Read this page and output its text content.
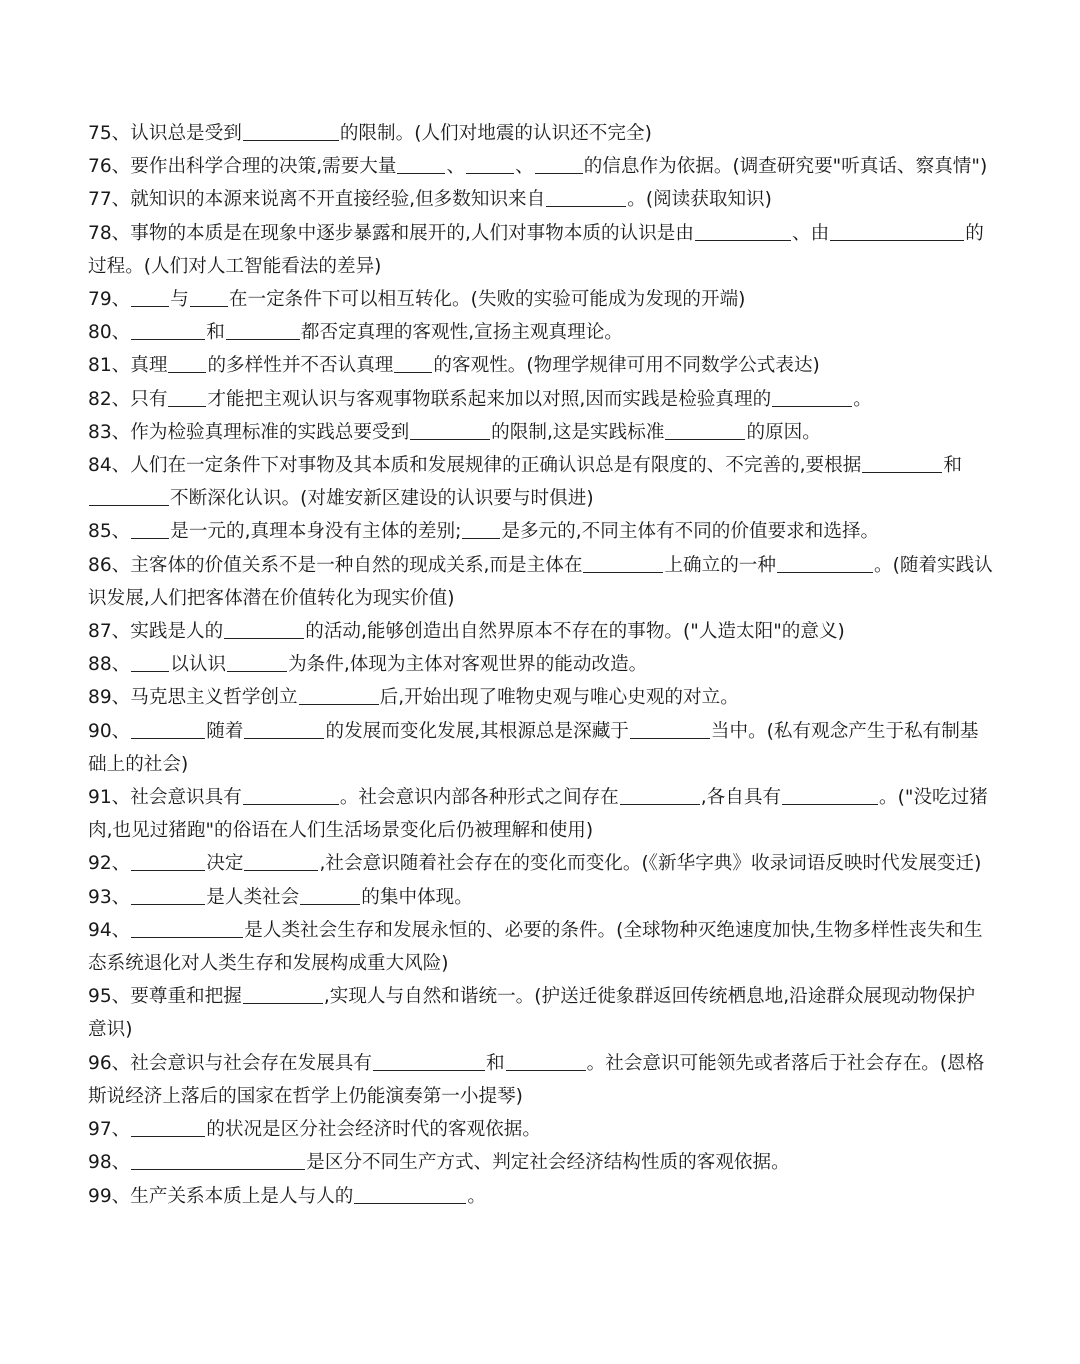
75、认识总是受到	的限制。(人们对地震的认识还不完全)

76、要作出科学合理的决策,需要大量	、	、	的信息作为依据。(调查研究要"听真话、察真情")

77、就知识的本源来说离不开直接经验,但多数知识来自	。(阅读获取知识)

78、事物的本质是在现象中逐步暴露和展开的,人们对事物本质的认识是由	、由	的过程。(人们对人工智能看法的差异)

79、 与 在一定条件下可以相互转化。(失败的实验可能成为发现的开端)

80、	和	都否定真理的客观性,宣扬主观真理论。

81、真理 的多样性并不否认真理 的客观性。(物理学规律可用不同数学公式表达)

82、只有 才能把主观认识与客观事物联系起来加以对照,因而实践是检验真理的	。

83、作为检验真理标准的实践总要受到	的限制,这是实践标准	的原因。

84、人们在一定条件下对事物及其本质和发展规律的正确认识总是有限度的、不完善的,要根据	和不断深化认识。(对雄安新区建设的认识要与时俱进)

85、 是一元的,真理本身没有主体的差别; 是多元的,不同主体有不同的价值要求和选择。

86、主客体的价值关系不是一种自然的现成关系,而是主体在	上确立的一种	。(随着实践认识发展,人们把客体潜在价值转化为现实价值)

87、实践是人的	的活动,能够创造出自然界原本不存在的事物。("人造太阳"的意义)

88、 以认识	为条件,体现为主体对客观世界的能动改造。

89、马克思主义哲学创立	后,开始出现了唯物史观与唯心史观的对立。

90、	随着	的发展而变化发展,其根源总是深藏于	当中。(私有观念产生于私有制基础上的社会)

91、社会意识具有	。社会意识内部各种形式之间存在	,各自具有	。("没吃过猪肉,也见过猪跑"的俗语在人们生活场景变化后仍被理解和使用)

92、	决定	,社会意识随着社会存在的变化而变化。(《新华字典》收录词语反映时代发展变迁)

93、	是人类社会	的集中体现。

94、	是人类社会生存和发展永恒的、必要的条件。(全球物种灭绝速度加快,生物多样性丧失和生态系统退化对人类生存和发展构成重大风险)

95、要尊重和把握	,实现人与自然和谐统一。(护送迁徙象群返回传统栖息地,沿途群众展现动物保护意识)

96、社会意识与社会存在发展具有	和	。社会意识可能领先或者落后于社会存在。(恩格斯说经济上落后的国家在哲学上仍能演奏第一小提琴)

97、	的状况是区分社会经济时代的客观依据。

98、	是区分不同生产方式、判定社会经济结构性质的客观依据。

99、生产关系本质上是人与人的	。
